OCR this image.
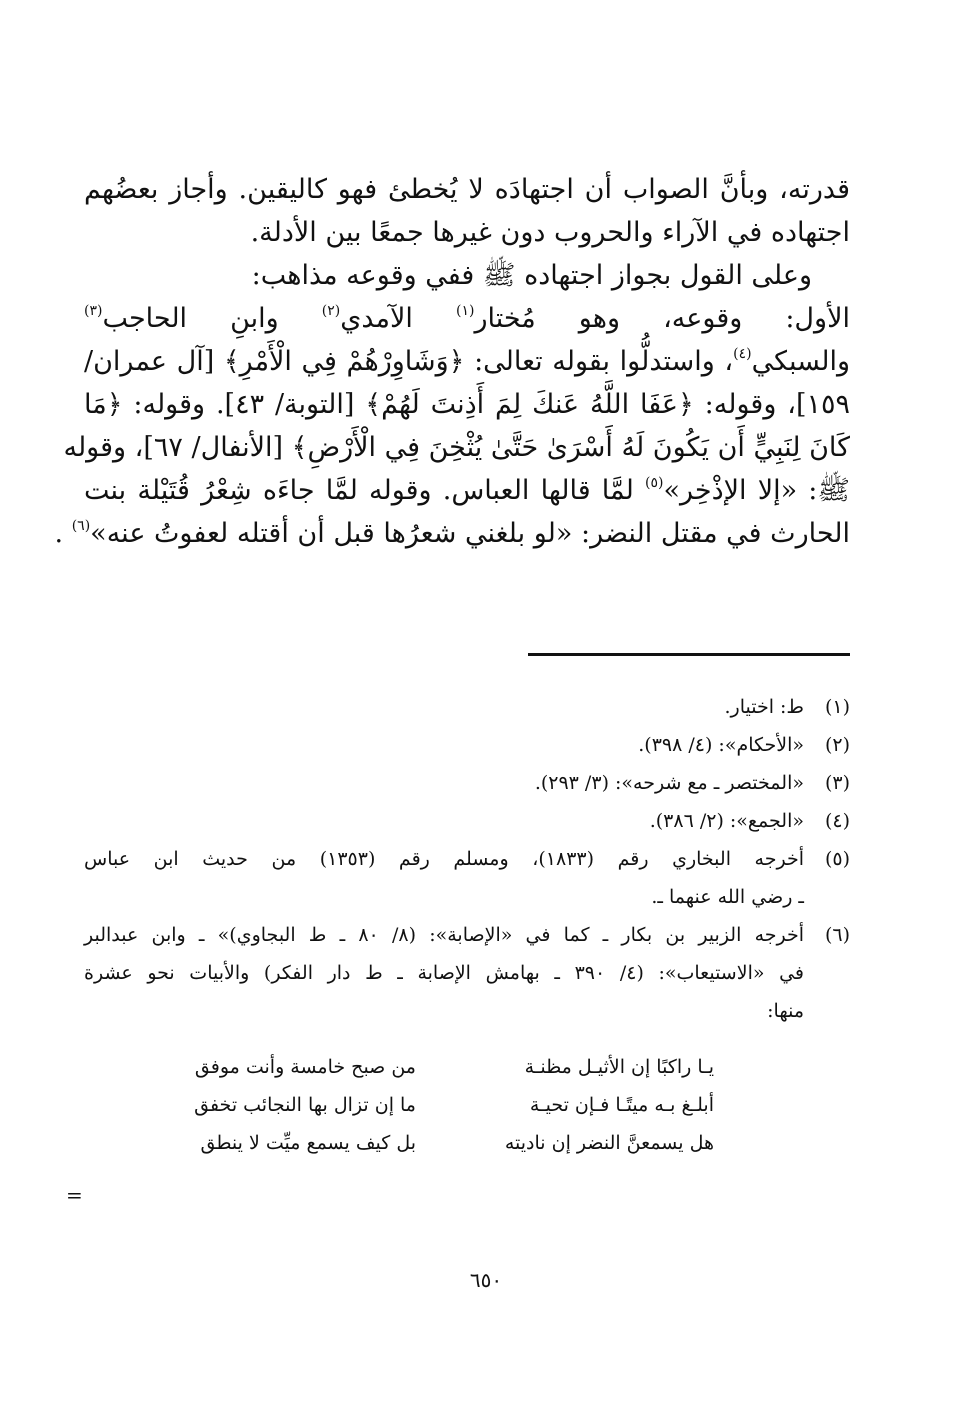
قدرته، وبأنَّ الصواب أن اجتهادَه لا يُخطئ فهو كاليقين. وأجاز بعضُهم
اجتهاده في الآراء والحروب دون غيرها جمعًا بين الأدلة.
وعلى القول بجواز اجتهاده ﷺ ففي وقوعه مذاهب:
الأول: وقوعه، وهو مُختار$^{(١)}$ الآمدي$^{(٢)}$ وابنِ الحاجب$^{(٣)}$
والسبكي$^{(٤)}$، واستدلُّوا بقوله تعالى: ﴿وَشَاوِرْهُمْ فِي الْأَمْرِ﴾ [آل عمران/
١٥٩]، وقوله: ﴿عَفَا اللَّهُ عَنكَ لِمَ أَذِنتَ لَهُمْ﴾ [التوبة/ ٤٣]. وقوله: ﴿مَا
كَانَ لِنَبِيٍّ أَن يَكُونَ لَهُ أَسْرَىٰ حَتَّىٰ يُثْخِنَ فِي الْأَرْضِ﴾ [الأنفال/ ٦٧]، وقوله
ﷺ: «إلا الإذْخِر»$^{(٥)}$ لمَّا قالها العباس. وقوله لمَّا جاءَه شِعْرُ قُتَيْلة بنت
الحارث في مقتل النضر: «لو بلغني شعرُها قبل أن أقتله لعفوتُ عنه»$^{(٦)}$ .
(١)
ط: اختيار.
(٢)
«الأحكام»: (٤/ ٣٩٨).
(٣)
«المختصر ـ مع شرحه»: (٣/ ٢٩٣).
(٤)
«الجمع»: (٢/ ٣٨٦).
(٥)
أخرجه البخاري رقم (١٨٣٣)، ومسلم رقم (١٣٥٣) من حديث ابن عباس
ـ رضي الله عنهما ـ.
(٦)
أخرجه الزبير بن بكار ـ كما في «الإصابة»: (٨/ ٨٠ ـ ط البجاوي)» ـ وابن عبدالبر
في «الاستيعاب»: (٤/ ٣٩٠ ـ بهامش الإصابة ـ ط دار الفكر) والأبيات نحو عشرة
منها:
يـا راكبًا إن الأثيـل مظنـة
من صبح خامسة وأنت موفق
أبلـغ بـه ميتًـا فـإن تحيـة
ما إن تزال بها النجائب تخفق
هل يسمعنَّ النضر إن ناديته
بل كيف يسمع ميِّت لا ينطق
=
٦٥٠
